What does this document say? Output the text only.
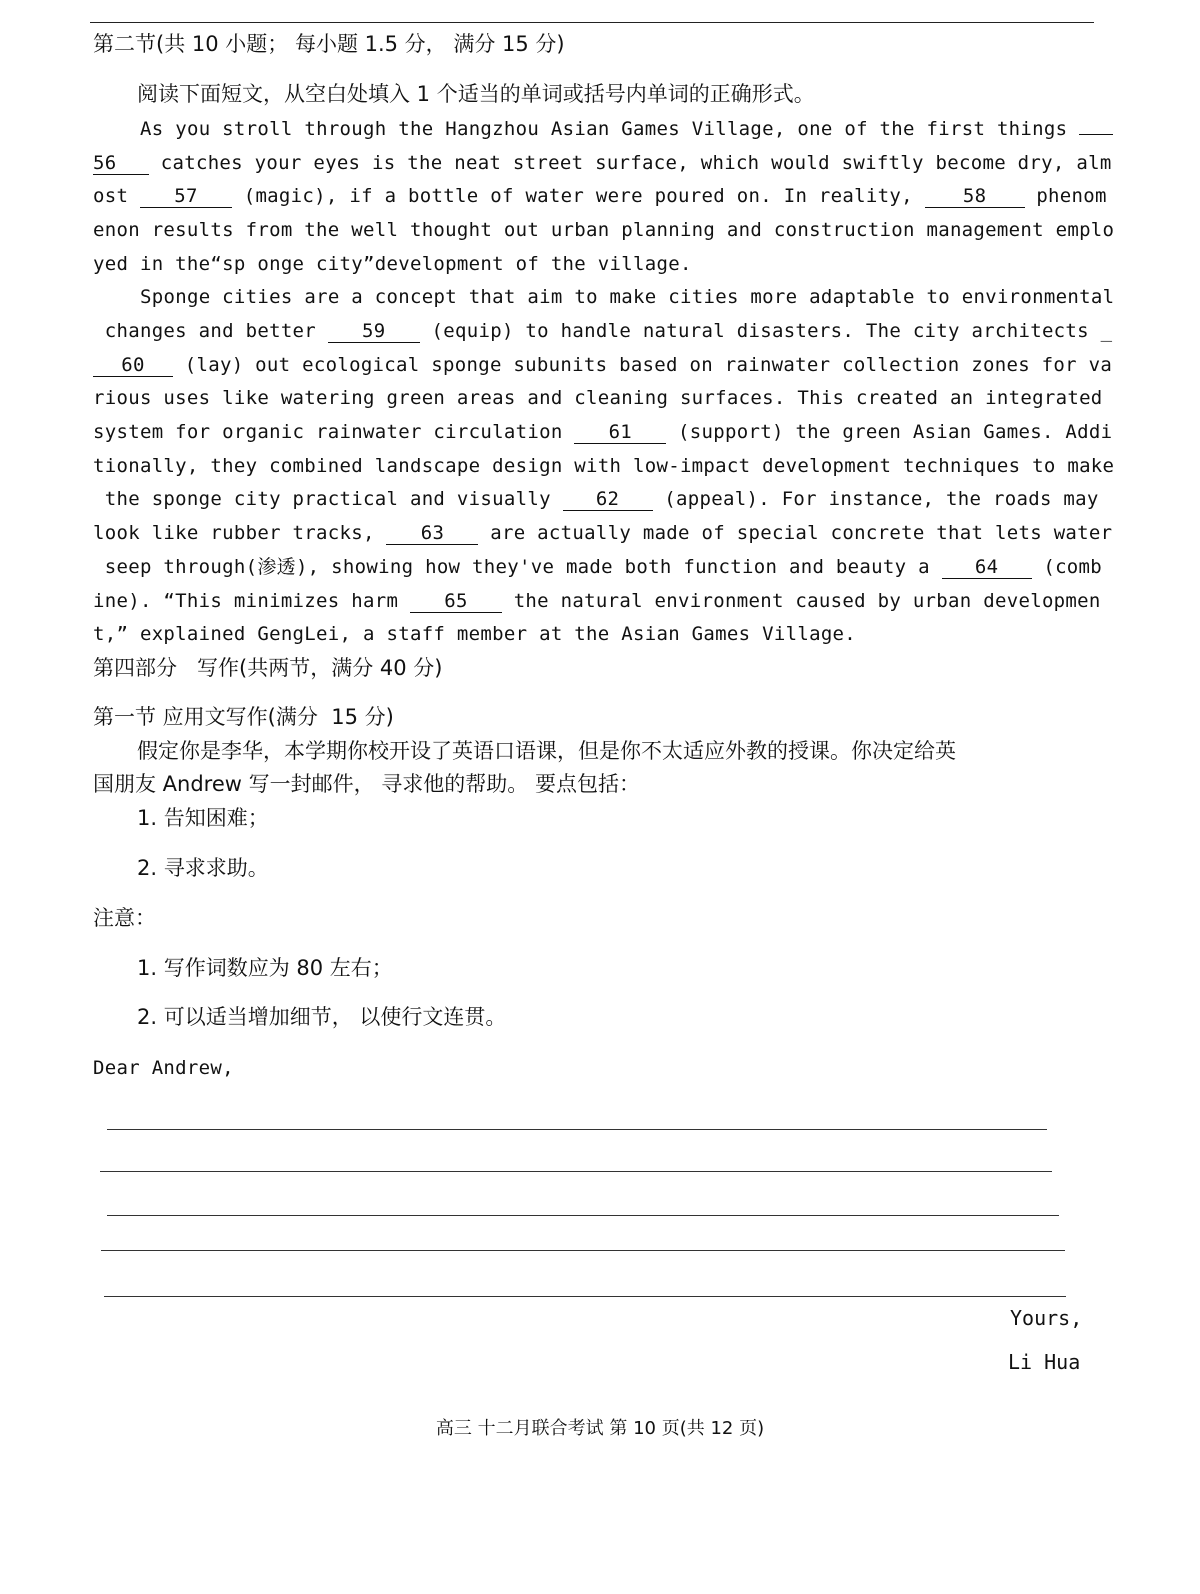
第二节(共 10 小题； 每小题 1.5 分， 满分 15 分)
阅读下面短文，从空白处填入 1 个适当的单词或括号内单词的正确形式。
As you stroll through the Hangzhou Asian Games Village, one of the first things
56 catches your eyes is the neat street surface, which would swiftly become dry, alm
ost 57 (magic), if a bottle of water were poured on. In reality, 58 phenom
enon results from the well thought out urban planning and construction management emplo
yed in the“sp onge city”development of the village.
Sponge cities are a concept that aim to make cities more adaptable to environmental
changes and better 59 (equip) to handle natural disasters. The city architects _
60 (lay) out ecological sponge subunits based on rainwater collection zones for va
rious uses like watering green areas and cleaning surfaces. This created an integrated
system for organic rainwater circulation 61 (support) the green Asian Games. Addi
tionally, they combined landscape design with low-impact development techniques to make
the sponge city practical and visually 62 (appeal). For instance, the roads may
look like rubber tracks, 63 are actually made of special concrete that lets water
seep through(渗透), showing how they've made both function and beauty a 64 (comb
ine). “This minimizes harm 65 the natural environment caused by urban developmen
t,” explained GengLei, a staff member at the Asian Games Village.
第四部分   写作(共两节，满分 40 分)
第一节 应用文写作(满分  15 分)
假定你是李华，本学期你校开设了英语口语课，但是你不太适应外教的授课。你决定给英
国朋友 Andrew 写一封邮件， 寻求他的帮助。 要点包括：
1. 告知困难；
2. 寻求求助。
注意：
1. 写作词数应为 80 左右；
2. 可以适当增加细节， 以使行文连贯。
Dear Andrew,
Yours,
Li Hua
高三 十二月联合考试 第 10 页(共 12 页)
